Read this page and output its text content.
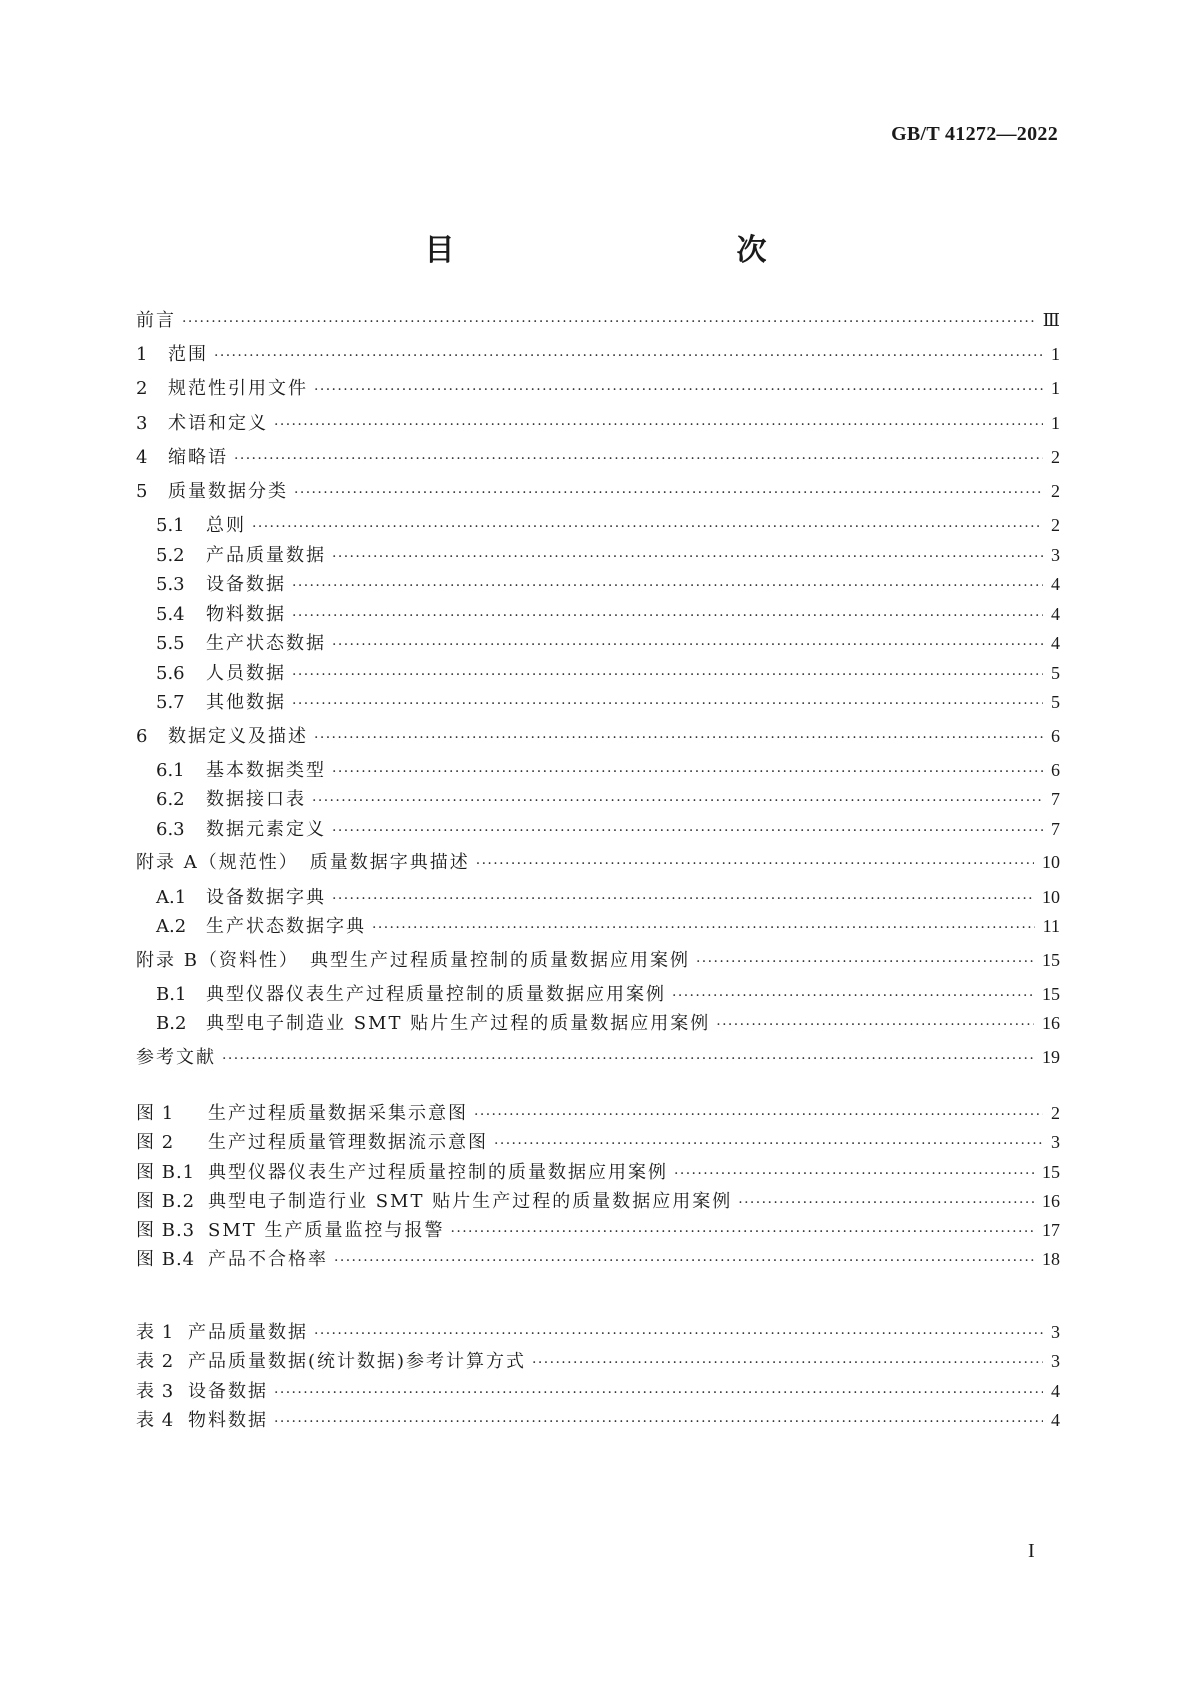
GB/T 41272—2022
目　　次
前言 ·····	Ⅲ
1	范围 ·····	1
2	规范性引用文件 ·····	1
3	术语和定义 ·····	1
4	缩略语 ·····	2
5	质量数据分类 ·····	2
5.1	总则 ·····	2
5.2	产品质量数据 ·····	3
5.3	设备数据 ·····	4
5.4	物料数据 ·····	4
5.5	生产状态数据 ·····	4
5.6	人员数据 ·····	5
5.7	其他数据 ·····	5
6	数据定义及描述 ·····	6
6.1	基本数据类型 ·····	6
6.2	数据接口表 ·····	7
6.3	数据元素定义 ·····	7
附录 A（规范性）　质量数据字典描述 ·····	10
A.1	设备数据字典 ·····	10
A.2	生产状态数据字典 ·····	11
附录 B（资料性）　典型生产过程质量控制的质量数据应用案例 ·····	15
B.1	典型仪器仪表生产过程质量控制的质量数据应用案例 ·····	15
B.2	典型电子制造业 SMT 贴片生产过程的质量数据应用案例 ·····	16
参考文献 ·····	19
图 1	生产过程质量数据采集示意图 ·····	2
图 2	生产过程质量管理数据流示意图 ·····	3
图 B.1 典型仪器仪表生产过程质量控制的质量数据应用案例 ·····	15
图 B.2 典型电子制造行业 SMT 贴片生产过程的质量数据应用案例 ·····	16
图 B.3 SMT 生产质量监控与报警 ·····	17
图 B.4 产品不合格率 ·····	18
表 1 产品质量数据 ·····	3
表 2 产品质量数据(统计数据)参考计算方式 ·····	3
表 3 设备数据 ·····	4
表 4 物料数据 ·····	4
I
